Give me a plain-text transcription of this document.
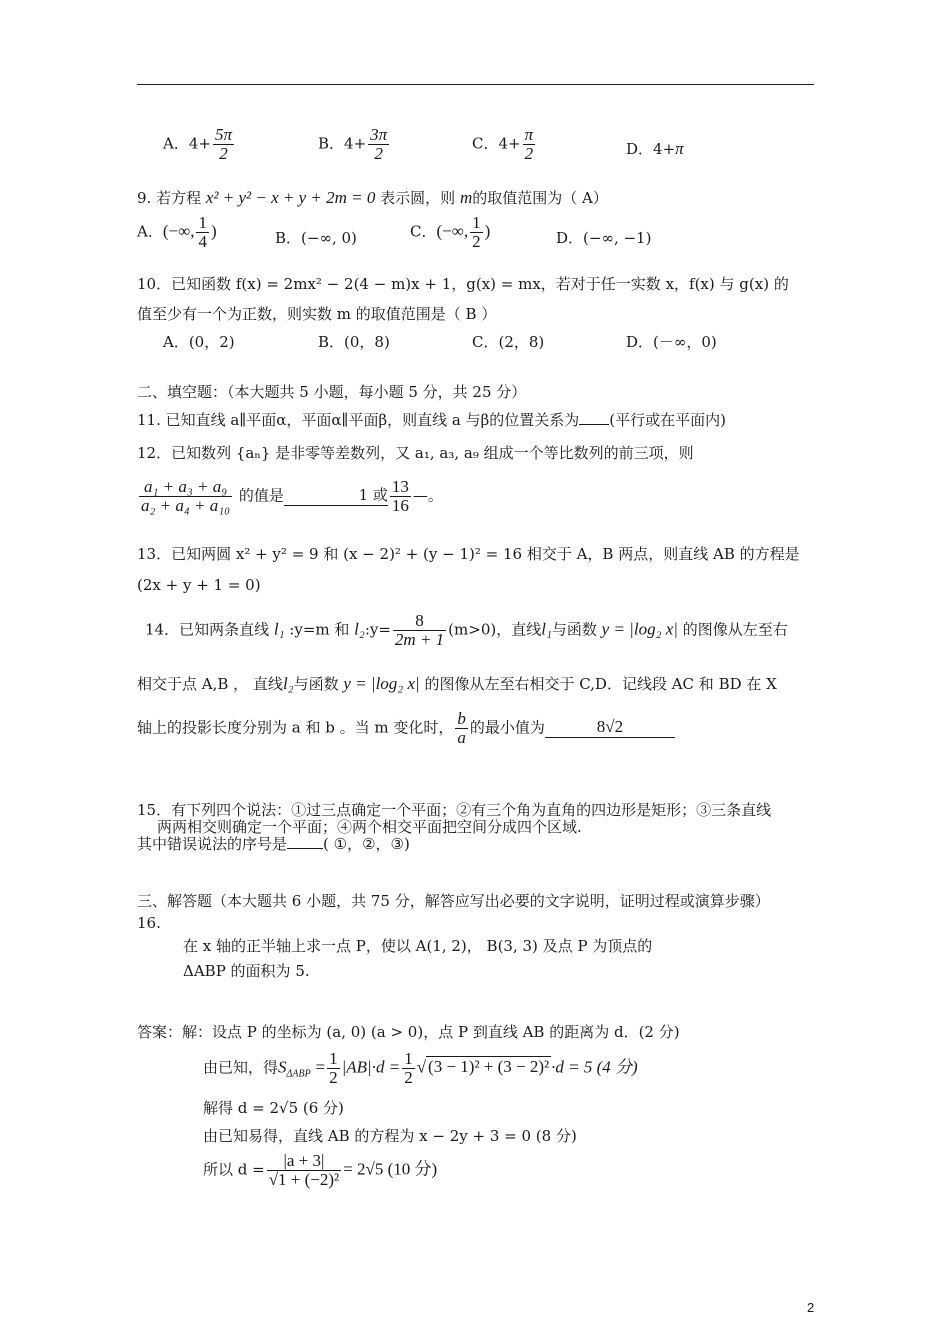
A．$4+ \frac{5\pi}{2}$	B．$4+ \frac{3\pi}{2}$	C．$4+ \frac{\pi}{2}$	D．4+π
9. 若方程 x² + y² − x + y + 2m = 0 表示圆，则 m的取值范围为（ A）
A．(−∞, $\frac{1}{4}$ )	B．(−∞, 0)	C．(−∞, $\frac{1}{2}$ )	D．(−∞, −1)
10．已知函数 f(x) = 2mx² − 2(4 − m)x + 1，g(x) = mx，若对于任一实数 x，f(x) 与 g(x) 的
值至少有一个为正数，则实数 m 的取值范围是（ B ）
A．(0，2)	B．(0，8)	C．(2，8)	D．(－∞，0)
二、填空题：（本大题共 5 小题，每小题 5 分，共 25 分）
11. 已知直线 a∥平面α，平面α∥平面β，则直线 a 与β的位置关系为 (平行或在平面内)
12．已知数列 {aₙ} 是非零等差数列，又 a₁, a₃, a₉ 组成一个等比数列的前三项，则
$\frac{\text{a₁ + a₃ + a₉}}{\text{a₂ + a₄ + a₁₀}}$ 的值是	1 或 $\frac{13}{16}$ —。
13．已知两圆 x² + y² = 9 和 (x − 2)² + (y − 1)² = 16 相交于 A，B 两点，则直线 AB 的方程是
(2x + y + 1 = 0)
14．已知两条直线 l₁ :y=m 和 l₂:y= $\frac{8}{2m + 1} (m>0)$，直线l₁与函数 y = |log₂ x| 的图像从左至右
相交于点 A,B ， 直线l₂与函数 y = |log₂ x| 的图像从左至右相交于 C,D．记线段 AC 和 BD 在 X
轴上的投影长度分别为 a 和 b 。当 m 变化时， $\frac{b}{a}$ 的最小值为	8√2
15．有下列四个说法：①过三点确定一个平面；②有三个角为直角的四边形是矩形；③三条直线
两两相交则确定一个平面；④两个相交平面把空间分成四个区域.
其中错误说法的序号是 ( ①，②，③)
三、解答题（本大题共 6 小题，共 75 分，解答应写出必要的文字说明，证明过程或演算步骤）
16.
在 x 轴的正半轴上求一点 P，使以 A(1, 2)， B(3, 3) 及点 P 为顶点的
ΔABP 的面积为 5.
答案：解：设点 P 的坐标为 (a, 0) (a > 0)，点 P 到直线 AB 的距离为 d．(2 分)
由已知，得$S_{\Delta ABP} = \frac{1}{2} |AB|\cdot d = \frac{1}{2}$ √ (3 − 1)² + (3 − 2)² ·d = 5 (4 分)
解得 d = 2√5 (6 分)
由已知易得，直线 AB 的方程为 x − 2y + 3 = 0 (8 分)
所以 $d = \frac{|a + 3|}{\text{√1 + (−2)²}} = 2√5$ (10 分)
2
